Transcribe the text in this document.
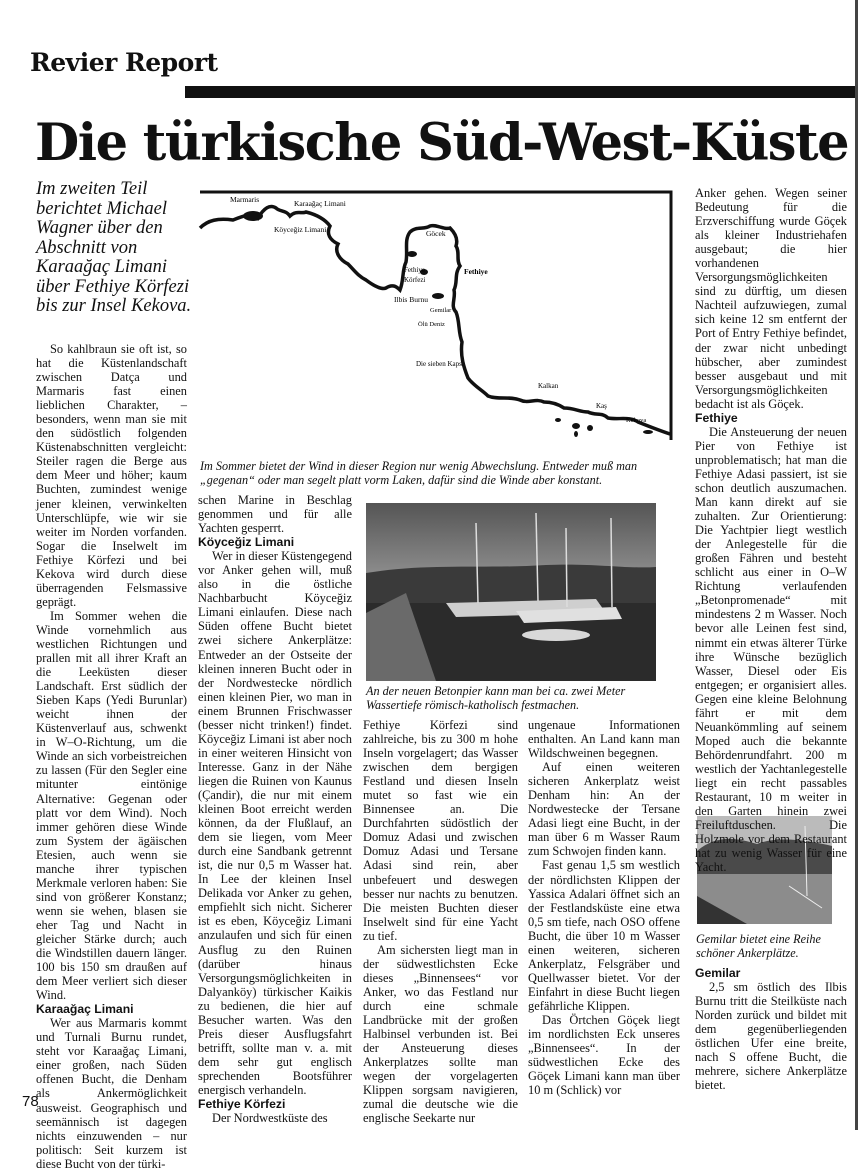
Revier Report
Die türkische Süd-West-Küste
Im zweiten Teil berichtet Michael Wagner über den Abschnitt von Karaağaç Limani über Fethiye Körfezi bis zur Insel Kekova.
Marmaris	Karaağaç Limani
Köyceğiz Limani	Göcek
Fethiye
Körfezi
Fethiye
Ilbis Burnu
Gemilar
Ölü Deniz
Die sieben Kaps
Kalkan
Kaş
Kekova
Im Sommer bietet der Wind in dieser Region nur wenig Abwechslung. Entweder muß man „gegenan“ oder man segelt platt vorm Laken, dafür sind die Winde aber konstant.
An der neuen Betonpier kann man bei ca. zwei Meter Wassertiefe römisch-katholisch festmachen.
Gemilar bietet eine Reihe schöner Ankerplätze.

So kahlbraun sie oft ist, so hat die Küstenlandschaft zwischen Datça und Marmaris fast einen lieblichen Charakter, – besonders, wenn man sie mit den südöstlich folgenden Küstenabschnitten vergleicht: Steiler ragen die Berge aus dem Meer und höher; kaum Buchten, zumindest wenige jener kleinen, verwinkelten Unterschlüpfe, wie wir sie weiter im Norden vorfanden. Sogar die Inselwelt im Fethiye Körfezi und bei Kekova wird durch diese überragenden Felsmassive geprägt.

Im Sommer wehen die Winde vornehmlich aus westlichen Richtungen und prallen mit all ihrer Kraft an die Leeküsten dieser Landschaft. Erst südlich der Sieben Kaps (Yedi Burunlar) weicht ihnen der Küstenverlauf aus, schwenkt in W–O-Richtung, um die Winde an sich vorbeistreichen zu lassen (Für den Segler eine mitunter eintönige Alternative: Gegenan oder platt vor dem Wind). Noch immer gehören diese Winde zum System der ägäischen Etesien, auch wenn sie manche ihrer typischen Merkmale verloren haben: Sie sind von größerer Konstanz; wenn sie wehen, blasen sie eher Tag und Nacht in gleicher Stärke durch; auch die Windstillen dauern länger. 100 bis 150 sm draußen auf dem Meer verliert sich dieser Wind.

Karaağaç Limani

Wer aus Marmaris kommt und Turnali Burnu rundet, steht vor Karaağaç Limani, einer großen, nach Süden offenen Bucht, die Denham als Ankermöglichkeit ausweist. Geographisch und seemännisch ist dagegen nichts einzuwenden – nur politisch: Seit kurzem ist diese Bucht von der türki-

schen Marine in Beschlag genommen und für alle Yachten gesperrt.

Köyceğiz Limani

Wer in dieser Küstengegend vor Anker gehen will, muß also in die östliche Nachbarbucht Köyceğiz Limani einlaufen. Diese nach Süden offene Bucht bietet zwei sichere Ankerplätze: Entweder an der Ostseite der kleinen inneren Bucht oder in der Nordwestecke nördlich einen kleinen Pier, wo man in einem Brunnen Frischwasser (besser nicht trinken!) findet. Köyceğiz Limani ist aber noch in einer weiteren Hinsicht von Interesse. Ganz in der Nähe liegen die Ruinen von Kaunus (Çandir), die nur mit einem kleinen Boot erreicht werden können, da der Flußlauf, an dem sie liegen, vom Meer durch eine Sandbank getrennt ist, die nur 0,5 m Wasser hat. In Lee der kleinen Insel Delikada vor Anker zu gehen, empfiehlt sich nicht. Sicherer ist es eben, Köyceğiz Limani anzulaufen und sich für einen Ausflug zu den Ruinen (darüber hinaus Versorgungsmöglichkeiten in Dalyanköy) türkischer Kaikis zu bedienen, die hier auf Besucher warten. Was den Preis dieser Ausflugsfahrt betrifft, sollte man v. a. mit dem sehr gut englisch sprechenden Bootsführer energisch verhandeln.

Fethiye Körfezi

Der Nordwestküste des

Fethiye Körfezi sind zahlreiche, bis zu 300 m hohe Inseln vorgelagert; das Wasser zwischen dem bergigen Festland und diesen Inseln mutet so fast wie ein Binnensee an. Die Durchfahrten südöstlich der Domuz Adasi und zwischen Domuz Adasi und Tersane Adasi sind rein, aber unbefeuert und deswegen besser nur nachts zu benutzen. Die meisten Buchten dieser Inselwelt sind für eine Yacht zu tief.

Am sichersten liegt man in der südwestlichsten Ecke dieses „Binnensees“ vor Anker, wo das Festland nur durch eine schmale Landbrücke mit der großen Halbinsel verbunden ist. Bei der Ansteuerung dieses Ankerplatzes sollte man wegen der vorgelagerten Klippen sorgsam navigieren, zumal die deutsche wie die englische Seekarte nur

ungenaue Informationen enthalten. An Land kann man Wildschweinen begegnen.

Auf einen weiteren sicheren Ankerplatz weist Denham hin: An der Nordwestecke der Tersane Adasi liegt eine Bucht, in der man über 6 m Wasser Raum zum Schwojen finden kann.

Fast genau 1,5 sm westlich der nördlichsten Klippen der Yassica Adalari öffnet sich an der Festlandsküste eine etwa 0,5 sm tiefe, nach OSO offene Bucht, die über 10 m Wasser einen weiteren, sicheren Ankerplatz, Felsgräber und Quellwasser bietet. Vor der Einfahrt in diese Bucht liegen gefährliche Klippen.

Das Örtchen Göçek liegt im nordlichsten Eck unseres „Binnensees“. In der südwestlichen Ecke des Göçek Limani kann man über 10 m (Schlick) vor

Anker gehen. Wegen seiner Bedeutung für die Erzverschiffung wurde Göçek als kleiner Industriehafen ausgebaut; die hier vorhandenen Versorgungsmöglichkeiten sind zu dürftig, um diesen Nachteil aufzuwiegen, zumal sich keine 12 sm entfernt der Port of Entry Fethiye befindet, der zwar nicht unbedingt hübscher, aber zumindest besser ausgebaut und mit Versorgungsmöglichkeiten bedacht ist als Göçek.

Fethiye

Die Ansteuerung der neuen Pier von Fethiye ist unproblematisch; hat man die Fethiye Adasi passiert, ist sie schon deutlich auszumachen. Man kann direkt auf sie zuhalten. Zur Orientierung: Die Yachtpier liegt westlich der Anlegestelle für die großen Fähren und besteht schlicht aus einer in O–W Richtung verlaufenden „Betonpromenade“ mit mindestens 2 m Wasser. Noch bevor alle Leinen fest sind, nimmt ein etwas älterer Türke ihre Wünsche bezüglich Wasser, Diesel oder Eis entgegen; er organisiert alles. Gegen eine kleine Belohnung fährt er mit dem Neuankömmling auf seinem Moped auch die bekannte Behördenrundfahrt. 200 m westlich der Yachtanlegestelle liegt ein recht passables Restaurant, 10 m weiter in den Garten hinein zwei Freiluftduschen. Die Holzmole vor dem Restaurant hat zu wenig Wasser für eine Yacht.

Gemilar

2,5 sm östlich des Ilbis Burnu tritt die Steilküste nach Norden zurück und bildet mit dem gegenüberliegenden östlichen Ufer eine breite, nach S offene Bucht, die mehrere, sichere Ankerplätze bietet.

78
